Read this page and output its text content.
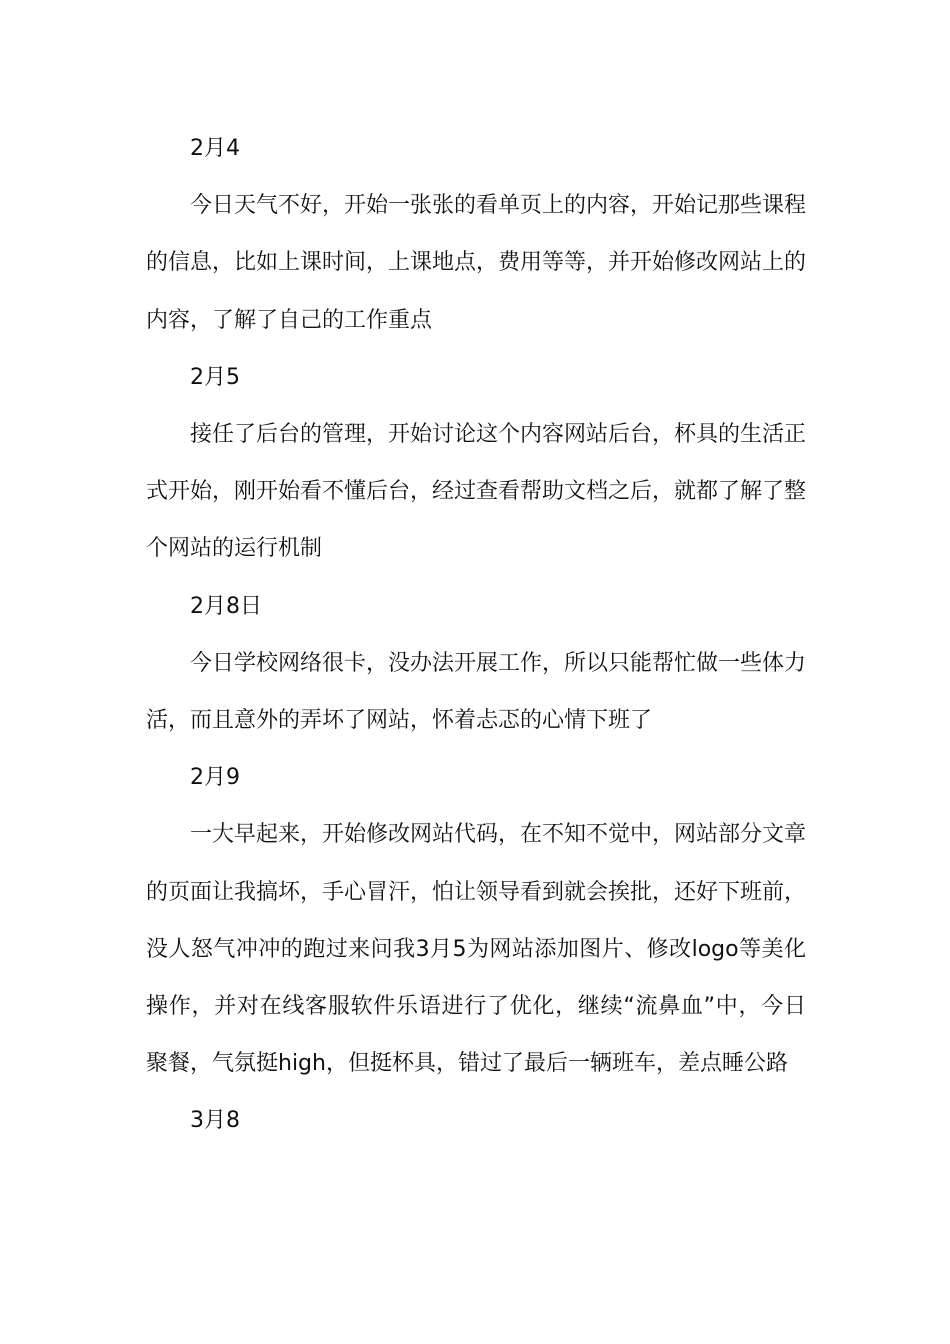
2月4

今日天气不好，开始一张张的看单页上的内容，开始记那些课程的信息，比如上课时间，上课地点，费用等等，并开始修改网站上的内容，了解了自己的工作重点

2月5

接任了后台的管理，开始讨论这个内容网站后台，杯具的生活正式开始，刚开始看不懂后台，经过查看帮助文档之后，就都了解了整个网站的运行机制

2月8日

今日学校网络很卡，没办法开展工作，所以只能帮忙做一些体力活，而且意外的弄坏了网站，怀着忐忑的心情下班了

2月9

一大早起来，开始修改网站代码，在不知不觉中，网站部分文章的页面让我搞坏，手心冒汗，怕让领导看到就会挨批，还好下班前，没人怒气冲冲的跑过来问我3月5为网站添加图片、修改logo等美化操作，并对在线客服软件乐语进行了优化，继续“流鼻血”中，今日聚餐，气氛挺high，但挺杯具，错过了最后一辆班车，差点睡公路

3月8
